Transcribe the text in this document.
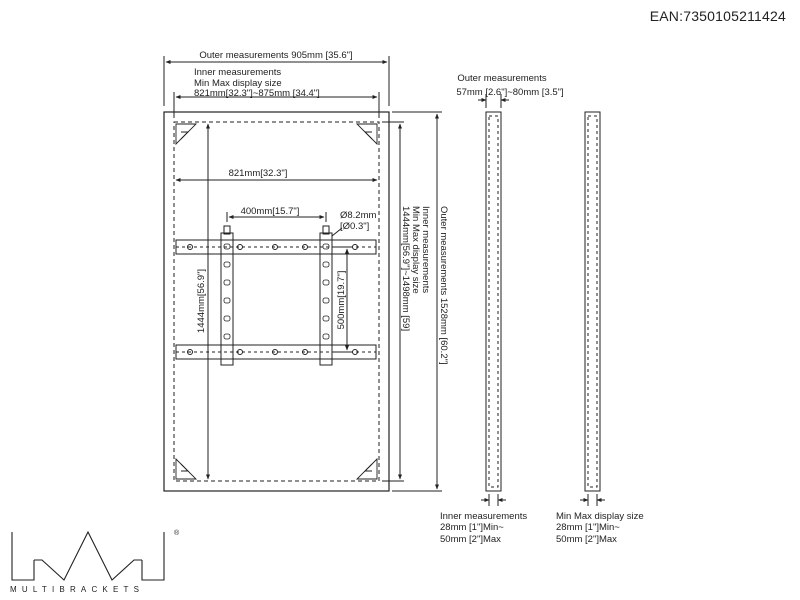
EAN:7350105211424
Outer measurements 905mm [35.6"]
Inner measurements
Min Max display size
821mm[32.3"]~875mm [34.4"]
821mm[32.3"]
400mm[15.7"]	Ø8.2mm
[Ø0.3"]
1444mm[56.9"]	500mm[19.7"]
Inner measurements
Min Max display size
1444mm[56.9"]~1498mm [59]	Outer measurements 1528mm [60.2"]
Outer measurements
57mm [2.6"]~80mm [3.5"]
Inner measurements
28mm [1"]Min~
50mm [2"]Max
Min Max display size
28mm [1"]Min~
50mm [2"]Max
®
MULTIBRACKETS
